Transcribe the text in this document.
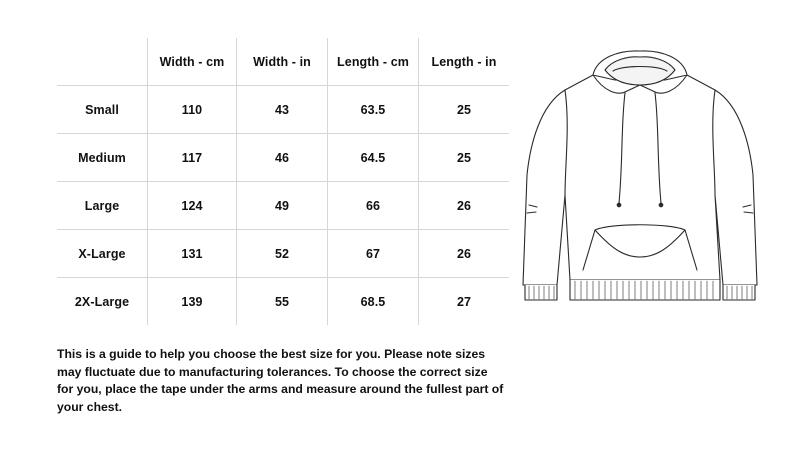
	Width - cm	Width - in	Length - cm	Length - in
Small	110	43	63.5	25
Medium	117	46	64.5	25
Large	124	49	66	26
X-Large	131	52	67	26
2X-Large	139	55	68.5	27

This is a guide to help you choose the best size for you. Please note sizes may fluctuate due to manufacturing tolerances. To choose the correct size for you, place the tape under the arms and measure around the fullest part of your chest.
